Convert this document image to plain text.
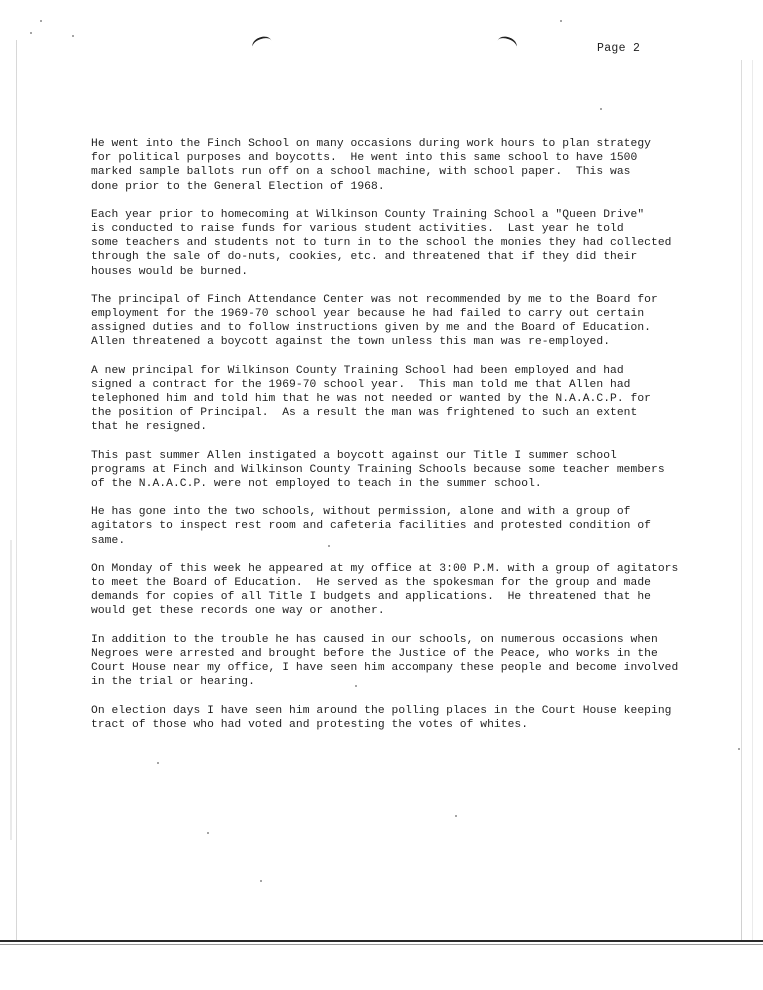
Page 2

He went into the Finch School on many occasions during work hours to plan strategy
for political purposes and boycotts.  He went into this same school to have 1500
marked sample ballots run off on a school machine, with school paper.  This was
done prior to the General Election of 1968.

Each year prior to homecoming at Wilkinson County Training School a "Queen Drive"
is conducted to raise funds for various student activities.  Last year he told
some teachers and students not to turn in to the school the monies they had collected
through the sale of do-nuts, cookies, etc. and threatened that if they did their
houses would be burned.

The principal of Finch Attendance Center was not recommended by me to the Board for
employment for the 1969-70 school year because he had failed to carry out certain
assigned duties and to follow instructions given by me and the Board of Education.
Allen threatened a boycott against the town unless this man was re-employed.

A new principal for Wilkinson County Training School had been employed and had
signed a contract for the 1969-70 school year.  This man told me that Allen had
telephoned him and told him that he was not needed or wanted by the N.A.A.C.P. for
the position of Principal.  As a result the man was frightened to such an extent
that he resigned.

This past summer Allen instigated a boycott against our Title I summer school
programs at Finch and Wilkinson County Training Schools because some teacher members
of the N.A.A.C.P. were not employed to teach in the summer school.

He has gone into the two schools, without permission, alone and with a group of
agitators to inspect rest room and cafeteria facilities and protested condition of
same.

On Monday of this week he appeared at my office at 3:00 P.M. with a group of agitators
to meet the Board of Education.  He served as the spokesman for the group and made
demands for copies of all Title I budgets and applications.  He threatened that he
would get these records one way or another.

In addition to the trouble he has caused in our schools, on numerous occasions when
Negroes were arrested and brought before the Justice of the Peace, who works in the
Court House near my office, I have seen him accompany these people and become involved
in the trial or hearing.

On election days I have seen him around the polling places in the Court House keeping
tract of those who had voted and protesting the votes of whites.
